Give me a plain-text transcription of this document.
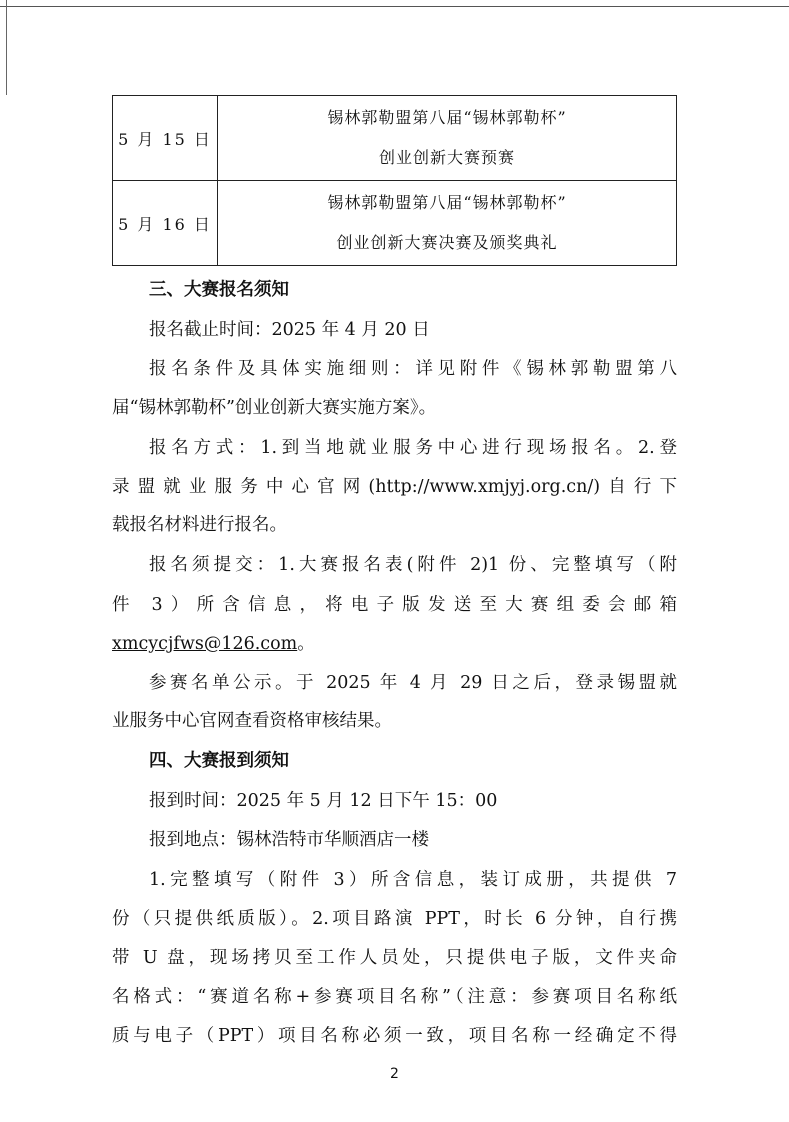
5 月 15 日	锡林郭勒盟第八届“锡林郭勒杯”
创业创新大赛预赛

5 月 16 日	锡林郭勒盟第八届“锡林郭勒杯”
创业创新大赛决赛及颁奖典礼
三、大赛报名须知
报名截止时间：2025 年 4 月 20 日
报名条件及具体实施细则：详见附件《锡林郭勒盟第八
届“锡林郭勒杯”创业创新大赛实施方案》。
报名方式：1.到当地就业服务中心进行现场报名。2.登
录盟就业服务中心官网(http://www.xmjyj.org.cn/)自行下
载报名材料进行报名。
报名须提交：1.大赛报名表(附件 2)1 份、完整填写（附
件 3）所含信息，将电子版发送至大赛组委会邮箱
xmcycjfws@126.com。
参赛名单公示。于 2025 年 4 月 29 日之后，登录锡盟就
业服务中心官网查看资格审核结果。
四、大赛报到须知
报到时间：2025 年 5 月 12 日下午 15：00
报到地点：锡林浩特市华顺酒店一楼
1.完整填写（附件 3）所含信息，装订成册，共提供 7
份（只提供纸质版）。2.项目路演 PPT，时长 6 分钟，自行携
带 U 盘，现场拷贝至工作人员处，只提供电子版，文件夹命
名格式：“赛道名称+参赛项目名称”（注意：参赛项目名称纸
质与电子（PPT）项目名称必须一致，项目名称一经确定不得
2
